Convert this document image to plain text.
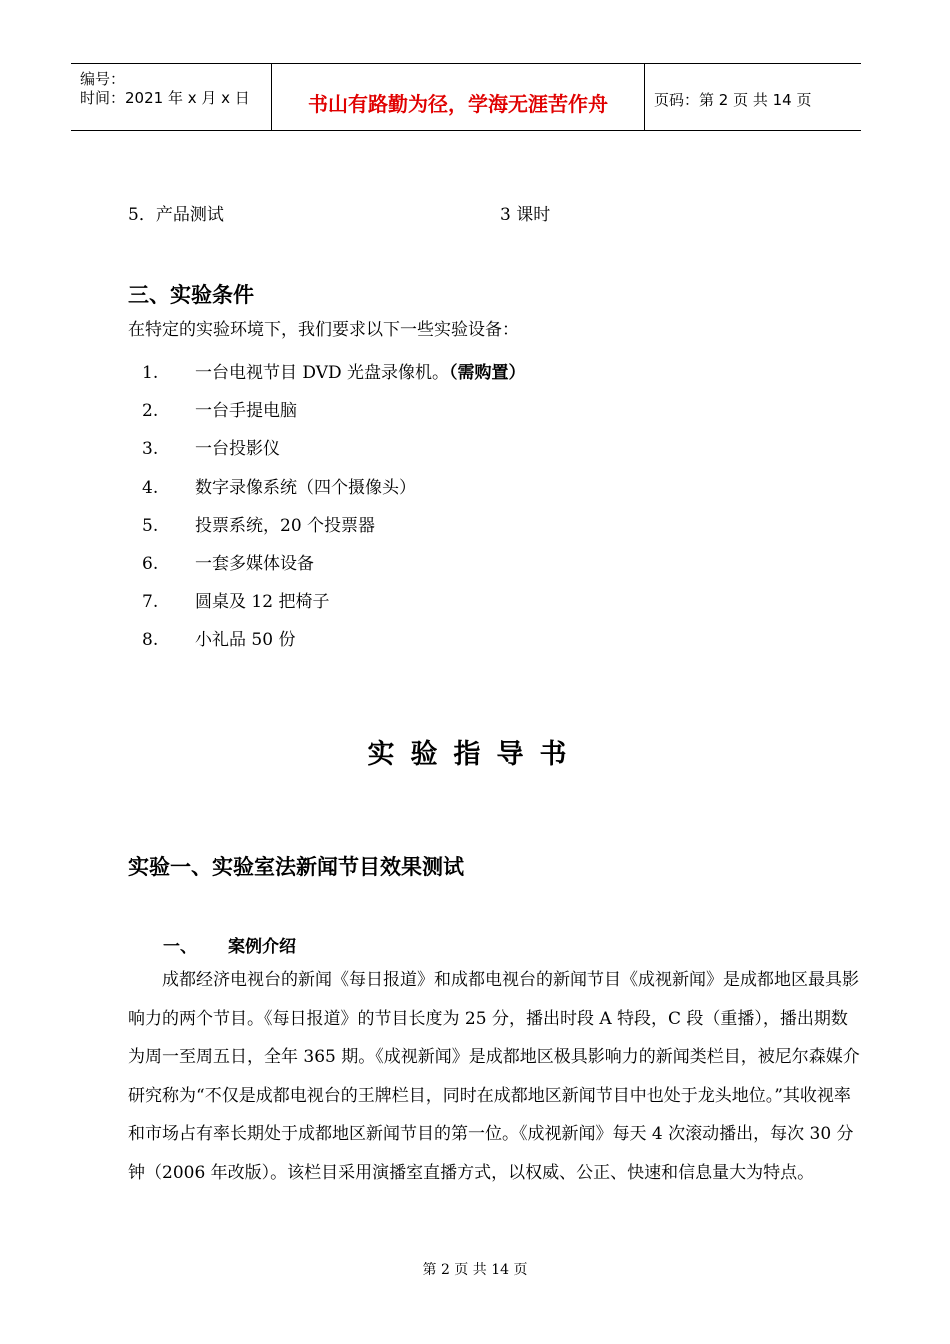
编号：
时间：2021 年 x 月 x 日	书山有路勤为径，学海无涯苦作舟	页码：第 2 页 共 14 页
5．产品测试	3 课时
三、实验条件
在特定的实验环境下，我们要求以下一些实验设备：
1. 一台电视节目 DVD 光盘录像机。（需购置）
2. 一台手提电脑
3. 一台投影仪
4. 数字录像系统（四个摄像头）
5. 投票系统，20 个投票器
6. 一套多媒体设备
7. 圆桌及 12 把椅子
8. 小礼品 50 份
实验指导书
实验一、实验室法新闻节目效果测试
一、 案例介绍

　　成都经济电视台的新闻《每日报道》和成都电视台的新闻节目《成视新闻》是成都地区最具影响力的两个节目。《每日报道》的节目长度为 25 分，播出时段 A 特段，C 段（重播），播出期数为周一至周五日，全年 365 期。《成视新闻》是成都地区极具影响力的新闻类栏目，被尼尔森媒介研究称为“不仅是成都电视台的王牌栏目，同时在成都地区新闻节目中也处于龙头地位。”其收视率和市场占有率长期处于成都地区新闻节目的第一位。《成视新闻》每天 4 次滚动播出，每次 30 分钟（2006 年改版）。该栏目采用演播室直播方式，以权威、公正、快速和信息量大为特点。

第 2 页 共 14 页
